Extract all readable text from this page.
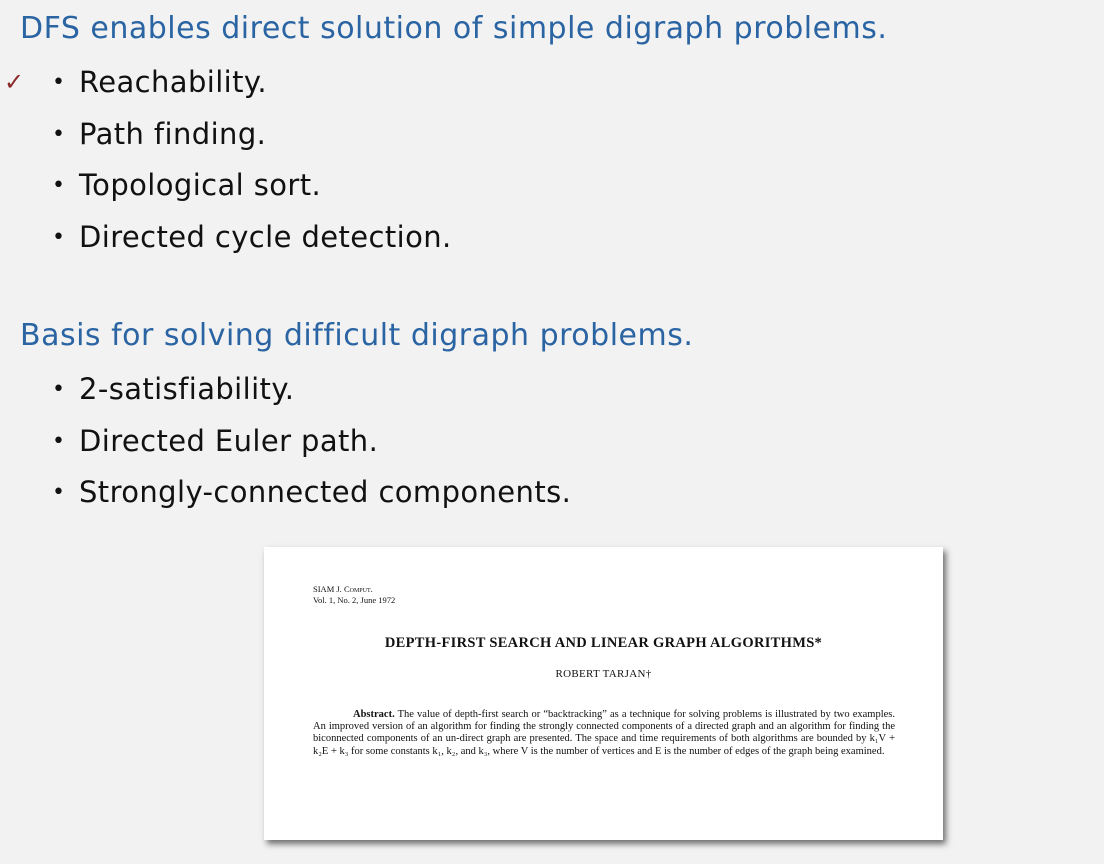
DFS enables direct solution of simple digraph problems.
✓ • Reachability.
• Path finding.
• Topological sort.
• Directed cycle detection.
Basis for solving difficult digraph problems.
• 2-satisfiability.
• Directed Euler path.
• Strongly-connected components.
SIAM J. Comput.
Vol. 1, No. 2, June 1972
DEPTH-FIRST SEARCH AND LINEAR GRAPH ALGORITHMS*
ROBERT TARJAN†
Abstract. The value of depth-first search or “backtracking” as a technique for solving problems is illustrated by two examples. An improved version of an algorithm for finding the strongly connected components of a directed graph and an algorithm for finding the biconnected components of an un-direct graph are presented. The space and time requirements of both algorithms are bounded by k₁V + k₂E + k₃ for some constants k₁, k₂, and k₃, where V is the number of vertices and E is the number of edges of the graph being examined.
